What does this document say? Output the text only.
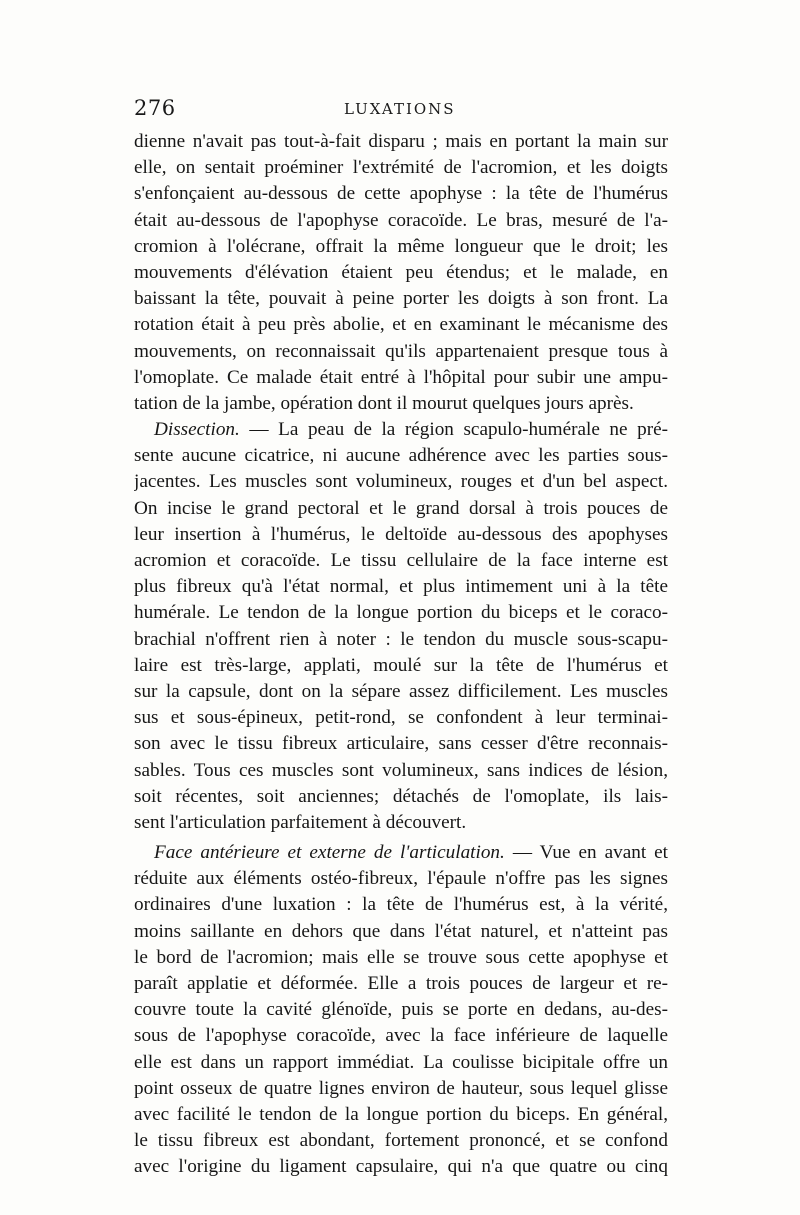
276	LUXATIONS
dienne n'avait pas tout-à-fait disparu ; mais en portant la main sur
elle, on sentait proéminer l'extrémité de l'acromion, et les doigts
s'enfonçaient au-dessous de cette apophyse : la tête de l'humérus
était au-dessous de l'apophyse coracoïde. Le bras, mesuré de l'a-
cromion à l'olécrane, offrait la même longueur que le droit; les
mouvements d'élévation étaient peu étendus; et le malade, en
baissant la tête, pouvait à peine porter les doigts à son front. La
rotation était à peu près abolie, et en examinant le mécanisme des
mouvements, on reconnaissait qu'ils appartenaient presque tous à
l'omoplate. Ce malade était entré à l'hôpital pour subir une ampu-
tation de la jambe, opération dont il mourut quelques jours après.
Dissection. — La peau de la région scapulo-humérale ne pré-
sente aucune cicatrice, ni aucune adhérence avec les parties sous-
jacentes. Les muscles sont volumineux, rouges et d'un bel aspect.
On incise le grand pectoral et le grand dorsal à trois pouces de
leur insertion à l'humérus, le deltoïde au-dessous des apophyses
acromion et coracoïde. Le tissu cellulaire de la face interne est
plus fibreux qu'à l'état normal, et plus intimement uni à la tête
humérale. Le tendon de la longue portion du biceps et le coraco-
brachial n'offrent rien à noter : le tendon du muscle sous-scapu-
laire est très-large, applati, moulé sur la tête de l'humérus et
sur la capsule, dont on la sépare assez difficilement. Les muscles
sus et sous-épineux, petit-rond, se confondent à leur terminai-
son avec le tissu fibreux articulaire, sans cesser d'être reconnais-
sables. Tous ces muscles sont volumineux, sans indices de lésion,
soit récentes, soit anciennes; détachés de l'omoplate, ils lais-
sent l'articulation parfaitement à découvert.
Face antérieure et externe de l'articulation. — Vue en avant et
réduite aux éléments ostéo-fibreux, l'épaule n'offre pas les signes
ordinaires d'une luxation : la tête de l'humérus est, à la vérité,
moins saillante en dehors que dans l'état naturel, et n'atteint pas
le bord de l'acromion; mais elle se trouve sous cette apophyse et
paraît applatie et déformée. Elle a trois pouces de largeur et re-
couvre toute la cavité glénoïde, puis se porte en dedans, au-des-
sous de l'apophyse coracoïde, avec la face inférieure de laquelle
elle est dans un rapport immédiat. La coulisse bicipitale offre un
point osseux de quatre lignes environ de hauteur, sous lequel glisse
avec facilité le tendon de la longue portion du biceps. En général,
le tissu fibreux est abondant, fortement prononcé, et se confond
avec l'origine du ligament capsulaire, qui n'a que quatre ou cinq
